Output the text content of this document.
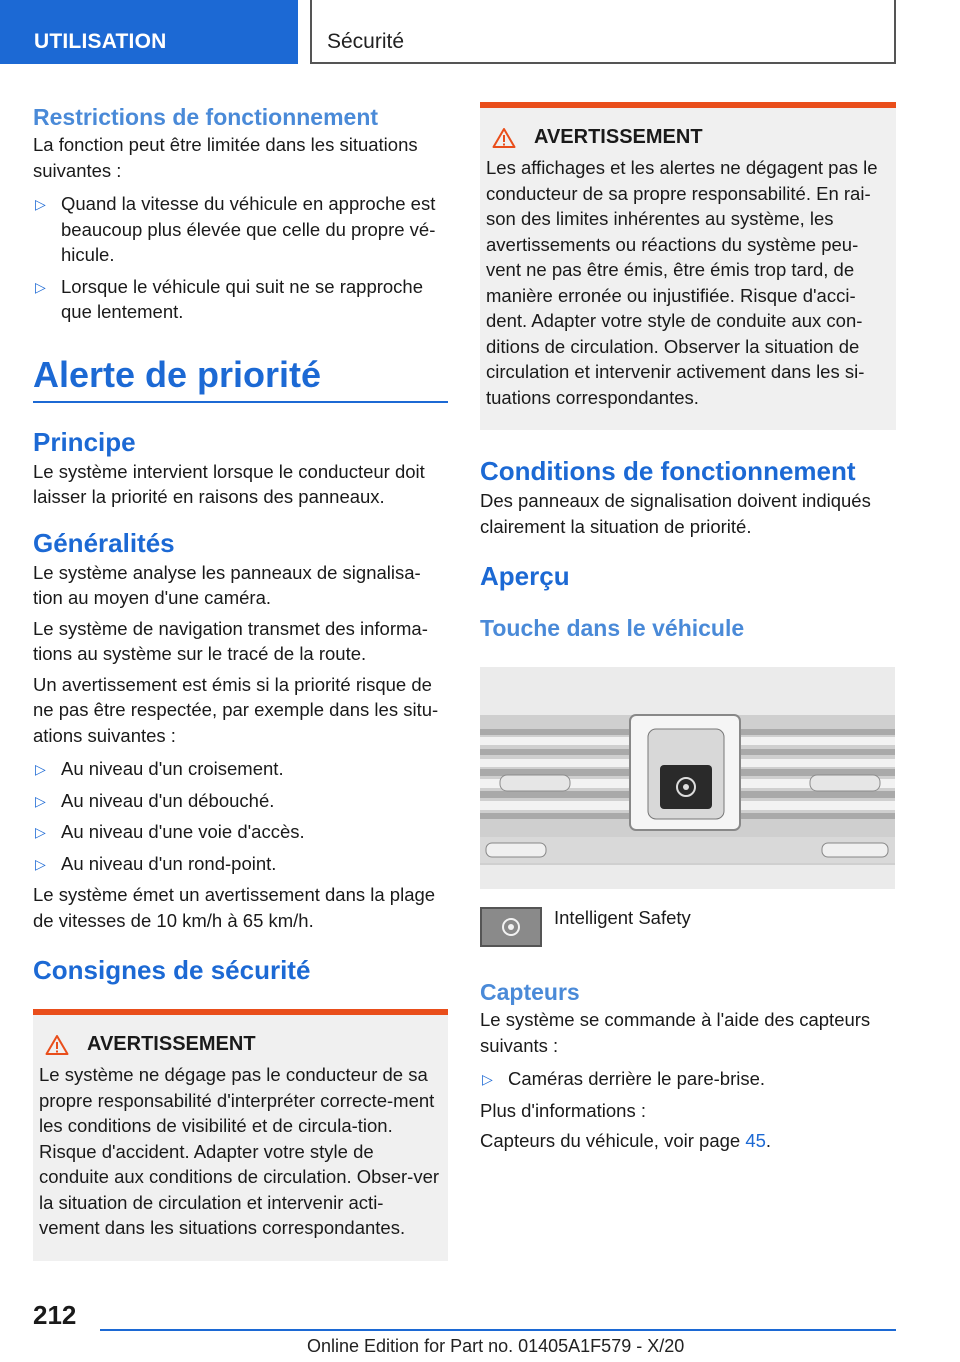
UTILISATION	Sécurité
Restrictions de fonctionnement

La fonction peut être limitée dans les situations suivantes :

▷ Quand la vitesse du véhicule en approche est beaucoup plus élevée que celle du propre vé‐hicule.
▷ Lorsque le véhicule qui suit ne se rapproche que lentement.
Alerte de priorité
Principe

Le système intervient lorsque le conducteur doit laisser la priorité en raisons des panneaux.

Généralités

Le système analyse les panneaux de signalisa‐tion au moyen d'une caméra.

Le système de navigation transmet des informa‐tions au système sur le tracé de la route.

Un avertissement est émis si la priorité risque de ne pas être respectée, par exemple dans les situ‐ations suivantes :

▷ Au niveau d'un croisement.
▷ Au niveau d'un débouché.
▷ Au niveau d'une voie d'accès.
▷ Au niveau d'un rond-point.

Le système émet un avertissement dans la plage de vitesses de 10 km/h à 65 km/h.

Consignes de sécurité
AVERTISSEMENT

Le système ne dégage pas le conducteur de sa propre responsabilité d'interpréter correcte‐ment les conditions de visibilité et de circula‐tion. Risque d'accident. Adapter votre style de conduite aux conditions de circulation. Obser‐ver la situation de circulation et intervenir acti‐vement dans les situations correspondantes.

AVERTISSEMENT

Les affichages et les alertes ne dégagent pas le conducteur de sa propre responsabilité. En rai‐son des limites inhérentes au système, les avertissements ou réactions du système peu‐vent ne pas être émis, être émis trop tard, de manière erronée ou injustifiée. Risque d'acci‐dent. Adapter votre style de conduite aux con‐ditions de circulation. Observer la situation de circulation et intervenir activement dans les si‐tuations correspondantes.

Conditions de fonctionnement

Des panneaux de signalisation doivent indiqués clairement la situation de priorité.

Aperçu
Touche dans le véhicule

Intelligent Safety

Capteurs

Le système se commande à l'aide des capteurs suivants :

▷ Caméras derrière le pare-brise.

Plus d'informations :

Capteurs du véhicule, voir page 45.

212
Online Edition for Part no. 01405A1F579 - X/20
